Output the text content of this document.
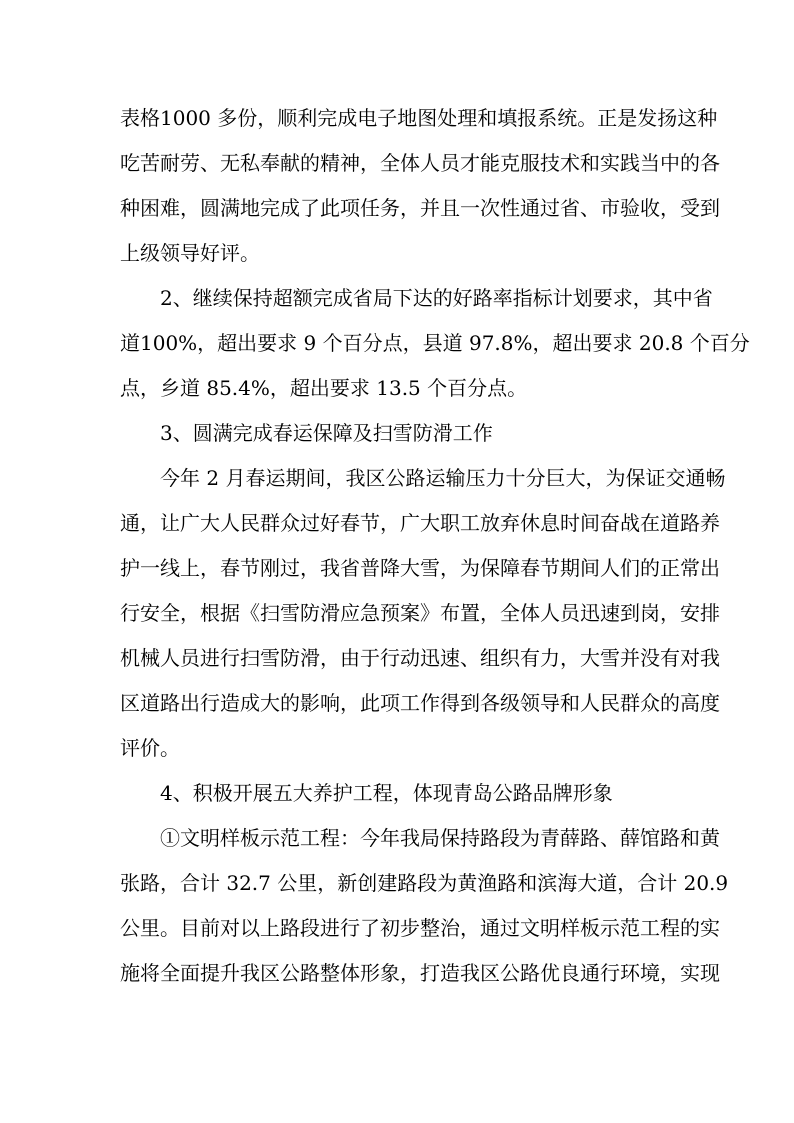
表格1000 多份，顺利完成电子地图处理和填报系统。正是发扬这种
吃苦耐劳、无私奉献的精神，全体人员才能克服技术和实践当中的各
种困难，圆满地完成了此项任务，并且一次性通过省、市验收，受到
上级领导好评。
2、继续保持超额完成省局下达的好路率指标计划要求，其中省
道100%，超出要求 9 个百分点，县道 97.8%，超出要求 20.8 个百分
点，乡道 85.4%，超出要求 13.5 个百分点。
3、圆满完成春运保障及扫雪防滑工作
今年 2 月春运期间，我区公路运输压力十分巨大，为保证交通畅
通，让广大人民群众过好春节，广大职工放弃休息时间奋战在道路养
护一线上，春节刚过，我省普降大雪，为保障春节期间人们的正常出
行安全，根据《扫雪防滑应急预案》布置，全体人员迅速到岗，安排
机械人员进行扫雪防滑，由于行动迅速、组织有力，大雪并没有对我
区道路出行造成大的影响，此项工作得到各级领导和人民群众的高度
评价。
4、积极开展五大养护工程，体现青岛公路品牌形象
①文明样板示范工程：今年我局保持路段为青薛路、薛馆路和黄
张路，合计 32.7 公里，新创建路段为黄渔路和滨海大道，合计 20.9
公里。目前对以上路段进行了初步整治，通过文明样板示范工程的实
施将全面提升我区公路整体形象，打造我区公路优良通行环境，实现
